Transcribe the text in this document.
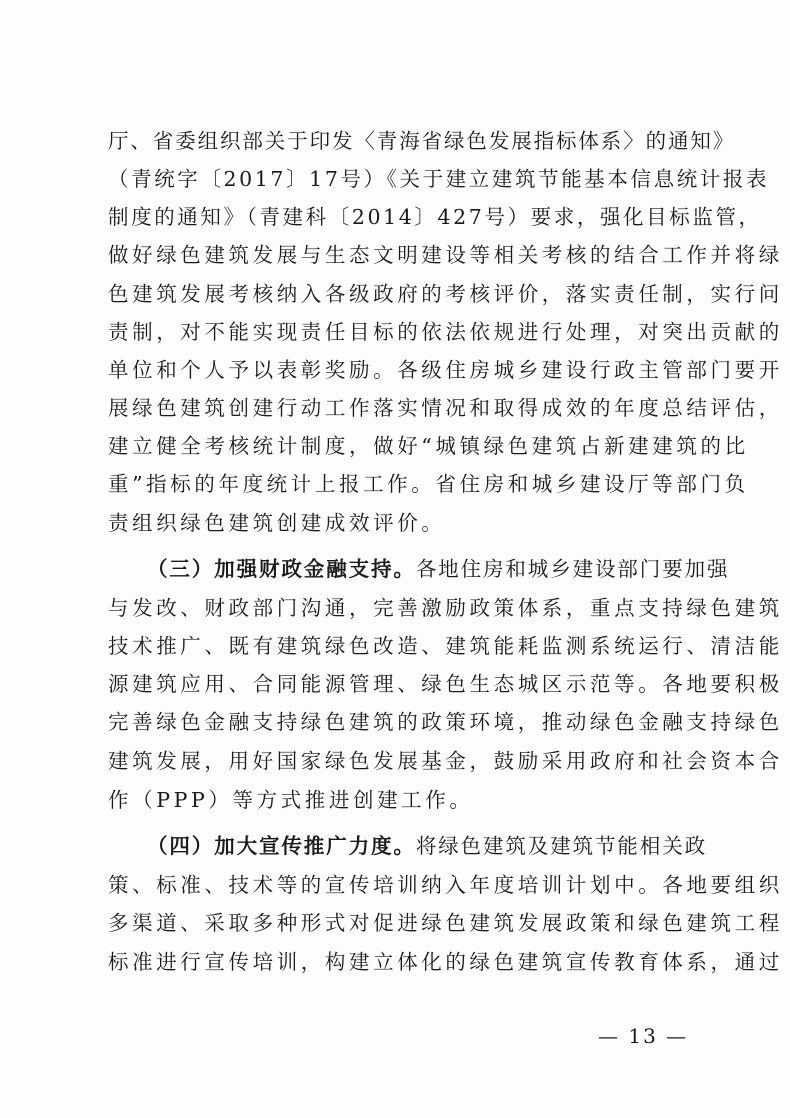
厅、省委组织部关于印发〈青海省绿色发展指标体系〉的通知》
（青统字〔2017〕17号）《关于建立建筑节能基本信息统计报表
制度的通知》（青建科〔2014〕427号）要求，强化目标监管，
做好绿色建筑发展与生态文明建设等相关考核的结合工作并将绿
色建筑发展考核纳入各级政府的考核评价，落实责任制，实行问
责制，对不能实现责任目标的依法依规进行处理，对突出贡献的
单位和个人予以表彰奖励。各级住房城乡建设行政主管部门要开
展绿色建筑创建行动工作落实情况和取得成效的年度总结评估，
建立健全考核统计制度，做好“城镇绿色建筑占新建建筑的比
重”指标的年度统计上报工作。省住房和城乡建设厅等部门负
责组织绿色建筑创建成效评价。
（三）加强财政金融支持。各地住房和城乡建设部门要加强
与发改、财政部门沟通，完善激励政策体系，重点支持绿色建筑
技术推广、既有建筑绿色改造、建筑能耗监测系统运行、清洁能
源建筑应用、合同能源管理、绿色生态城区示范等。各地要积极
完善绿色金融支持绿色建筑的政策环境，推动绿色金融支持绿色
建筑发展，用好国家绿色发展基金，鼓励采用政府和社会资本合
作（PPP）等方式推进创建工作。
（四）加大宣传推广力度。将绿色建筑及建筑节能相关政
策、标准、技术等的宣传培训纳入年度培训计划中。各地要组织
多渠道、采取多种形式对促进绿色建筑发展政策和绿色建筑工程
标准进行宣传培训，构建立体化的绿色建筑宣传教育体系，通过
— 13 —
